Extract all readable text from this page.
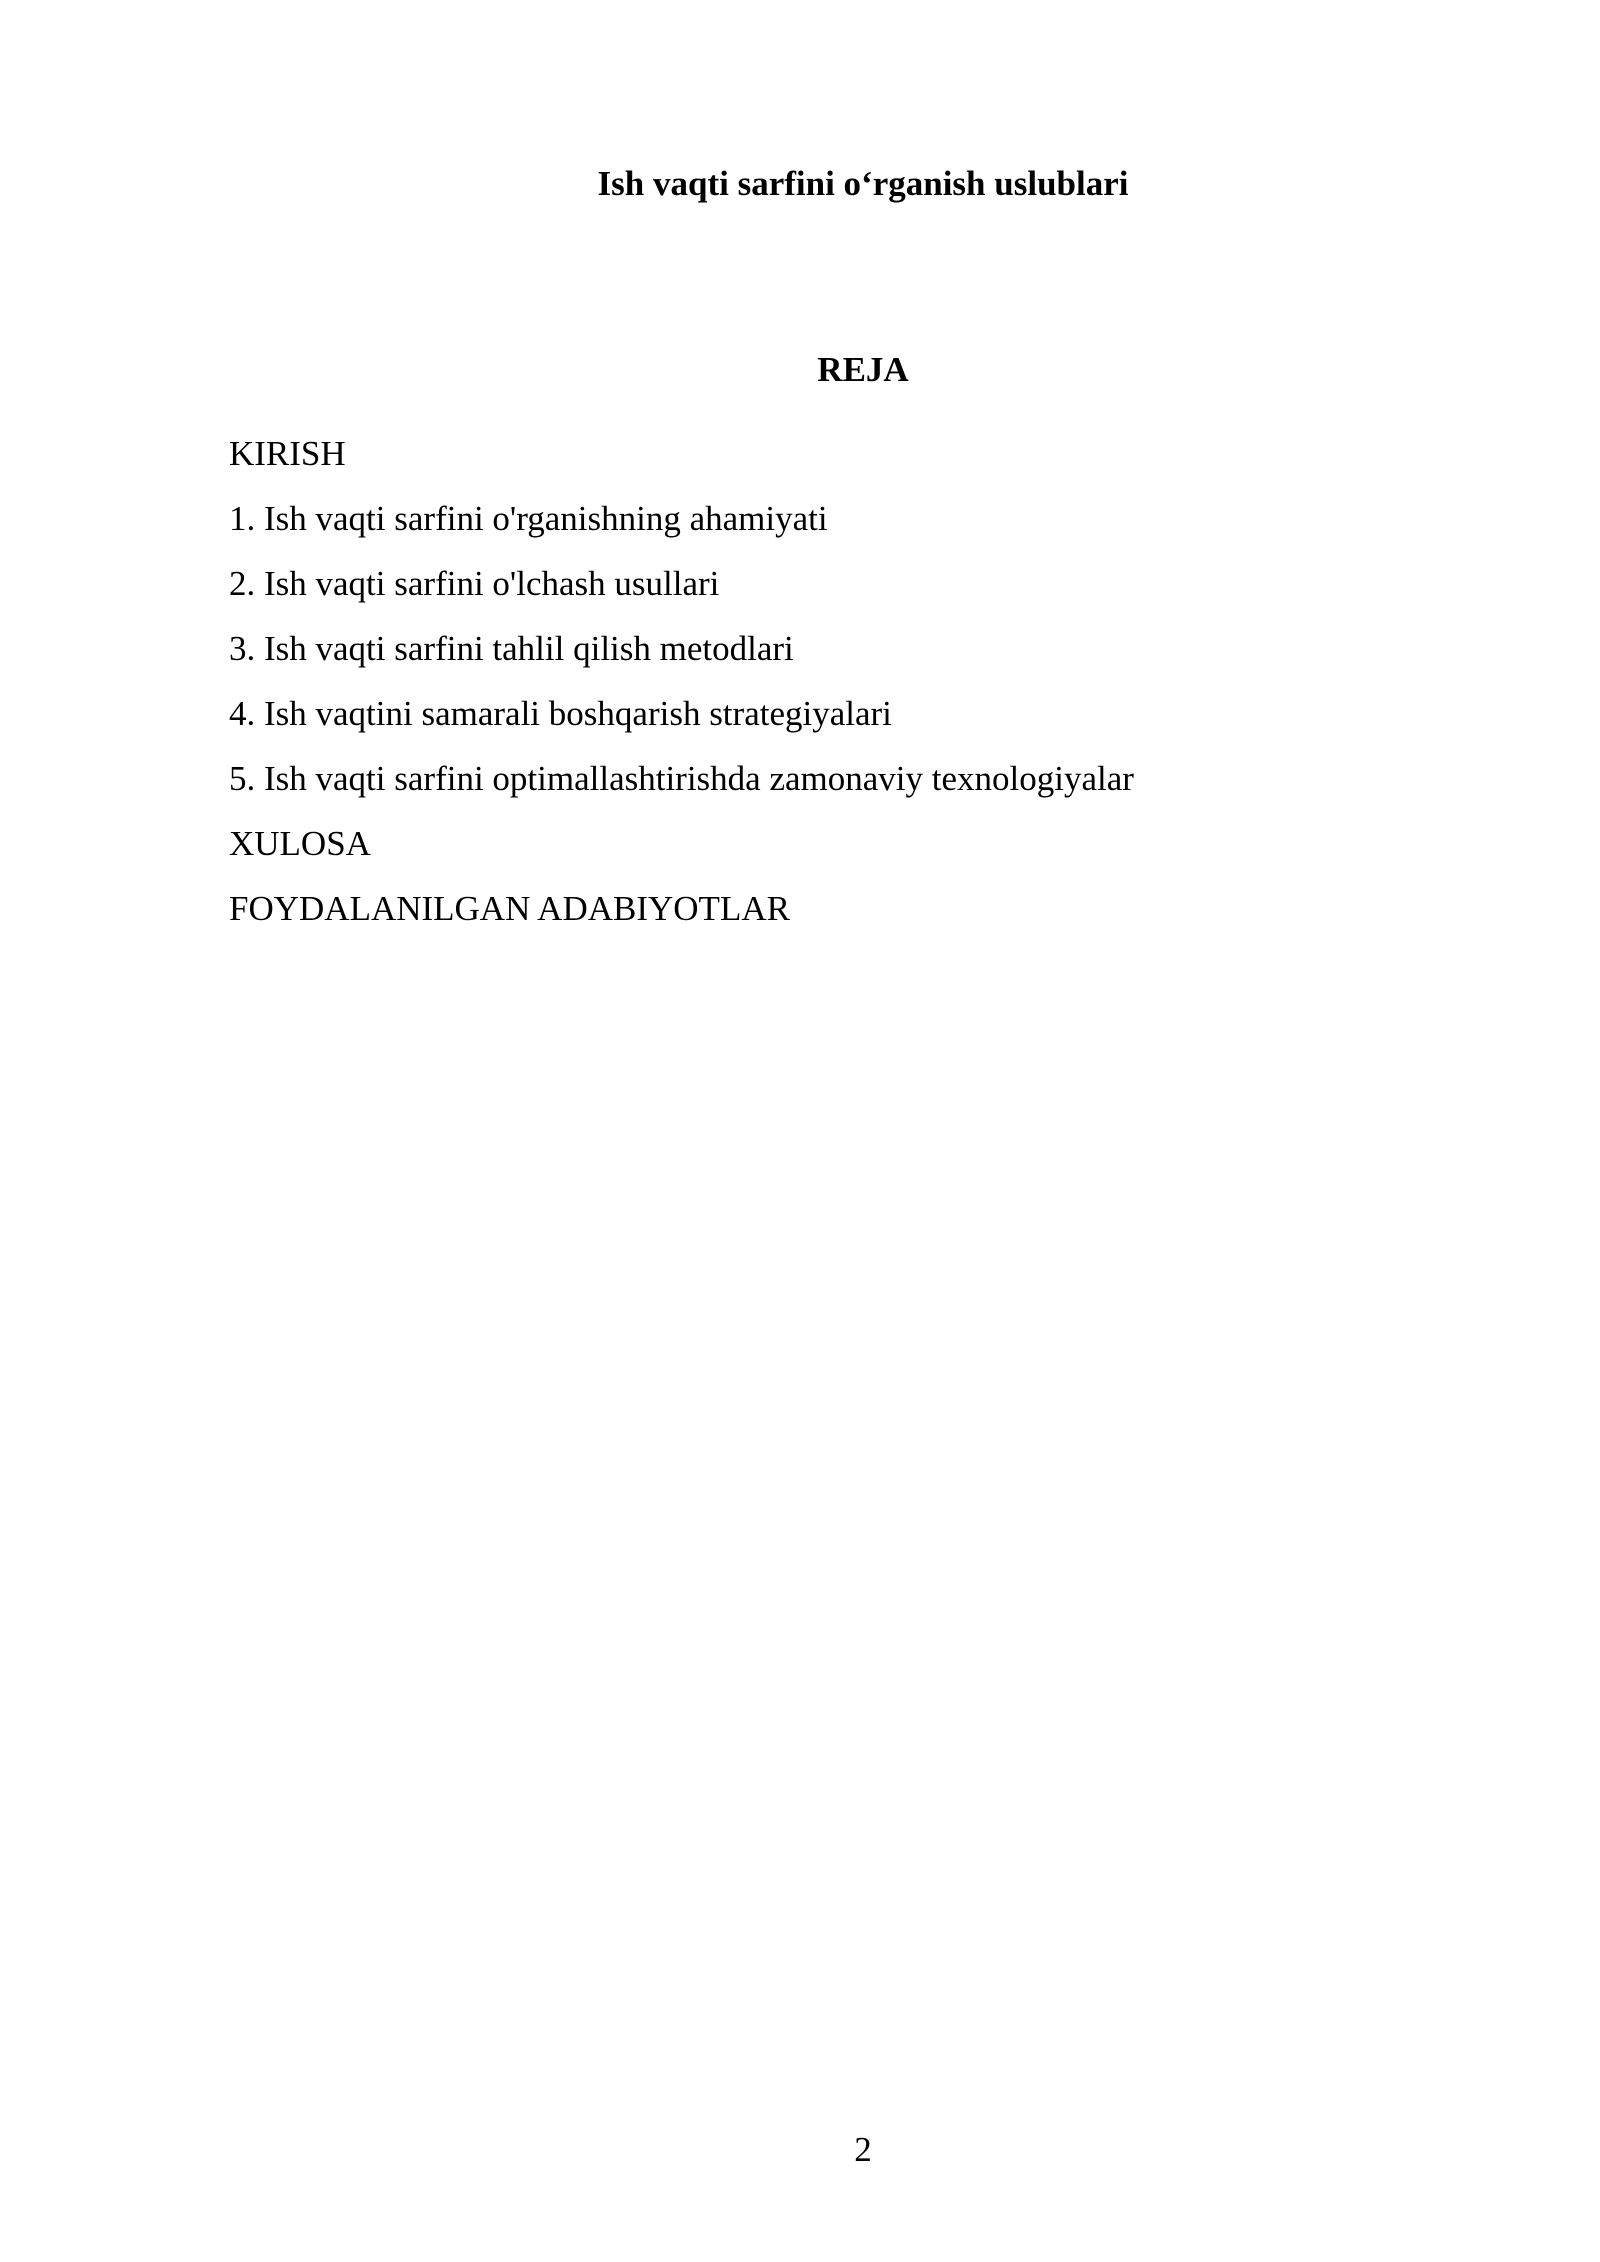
Ish vaqti sarfini o‘rganish uslublari
REJA
KIRISH
1. Ish vaqti sarfini o'rganishning ahamiyati
2. Ish vaqti sarfini o'lchash usullari
3. Ish vaqti sarfini tahlil qilish metodlari
4. Ish vaqtini samarali boshqarish strategiyalari
5. Ish vaqti sarfini optimallashtirishda zamonaviy texnologiyalar
XULOSA
FOYDALANILGAN ADABIYOTLAR
2
